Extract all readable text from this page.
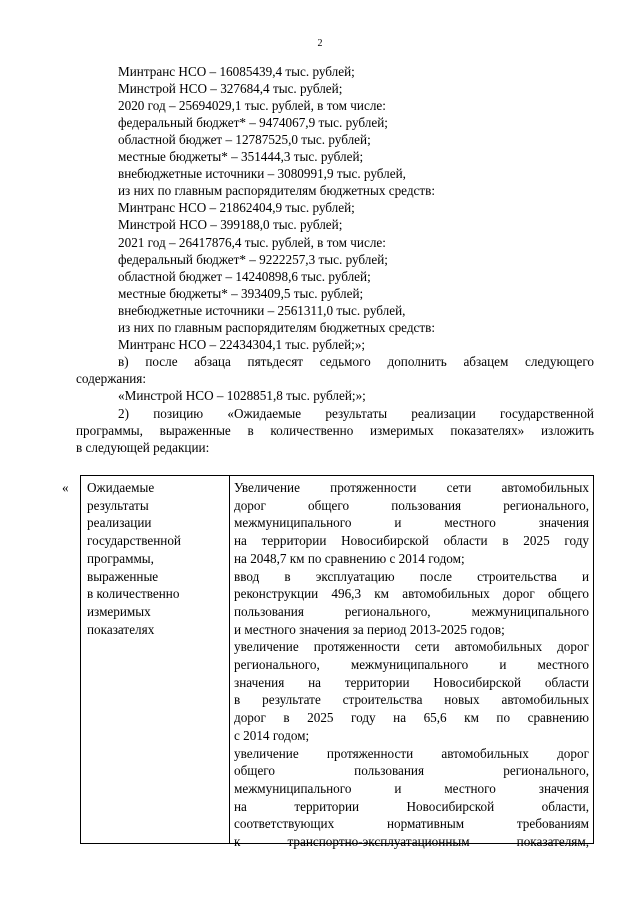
2
Минтранс НСО – 16085439,4 тыс. рублей;
Минстрой НСО – 327684,4 тыс. рублей;
2020 год – 25694029,1 тыс. рублей, в том числе:
федеральный бюджет* – 9474067,9 тыс. рублей;
областной бюджет – 12787525,0 тыс. рублей;
местные бюджеты* – 351444,3 тыс. рублей;
внебюджетные источники – 3080991,9 тыс. рублей,
из них по главным распорядителям бюджетных средств:
Минтранс НСО – 21862404,9 тыс. рублей;
Минстрой НСО – 399188,0 тыс. рублей;
2021 год – 26417876,4 тыс. рублей, в том числе:
федеральный бюджет* – 9222257,3 тыс. рублей;
областной бюджет – 14240898,6 тыс. рублей;
местные бюджеты* – 393409,5 тыс. рублей;
внебюджетные источники – 2561311,0 тыс. рублей,
из них по главным распорядителям бюджетных средств:
Минтранс НСО – 22434304,1 тыс. рублей;»;
в) после абзаца пятьдесят седьмого дополнить абзацем следующего
содержания:
«Минстрой НСО – 1028851,8 тыс. рублей;»;
2) позицию «Ожидаемые результаты реализации государственной
программы, выраженные в количественно измеримых показателях» изложить
в следующей редакции:
« Ожидаемые
результаты
реализации
государственной
программы,
выраженные
в количественно
измеримых
показателях
Увеличение протяженности сети автомобильных
дорог общего пользования регионального,
межмуниципального и местного значения
на территории Новосибирской области в 2025 году
на 2048,7 км по сравнению с 2014 годом;
ввод в эксплуатацию после строительства и
реконструкции 496,3 км автомобильных дорог общего
пользования регионального, межмуниципального
и местного значения за период 2013-2025 годов;
увеличение протяженности сети автомобильных дорог
регионального, межмуниципального и местного
значения на территории Новосибирской области
в результате строительства новых автомобильных
дорог в 2025 году на 65,6 км по сравнению
с 2014 годом;
увеличение протяженности автомобильных дорог
общего пользования регионального,
межмуниципального и местного значения
на территории Новосибирской области,
соответствующих нормативным требованиям
к транспортно-эксплуатационным показателям,
